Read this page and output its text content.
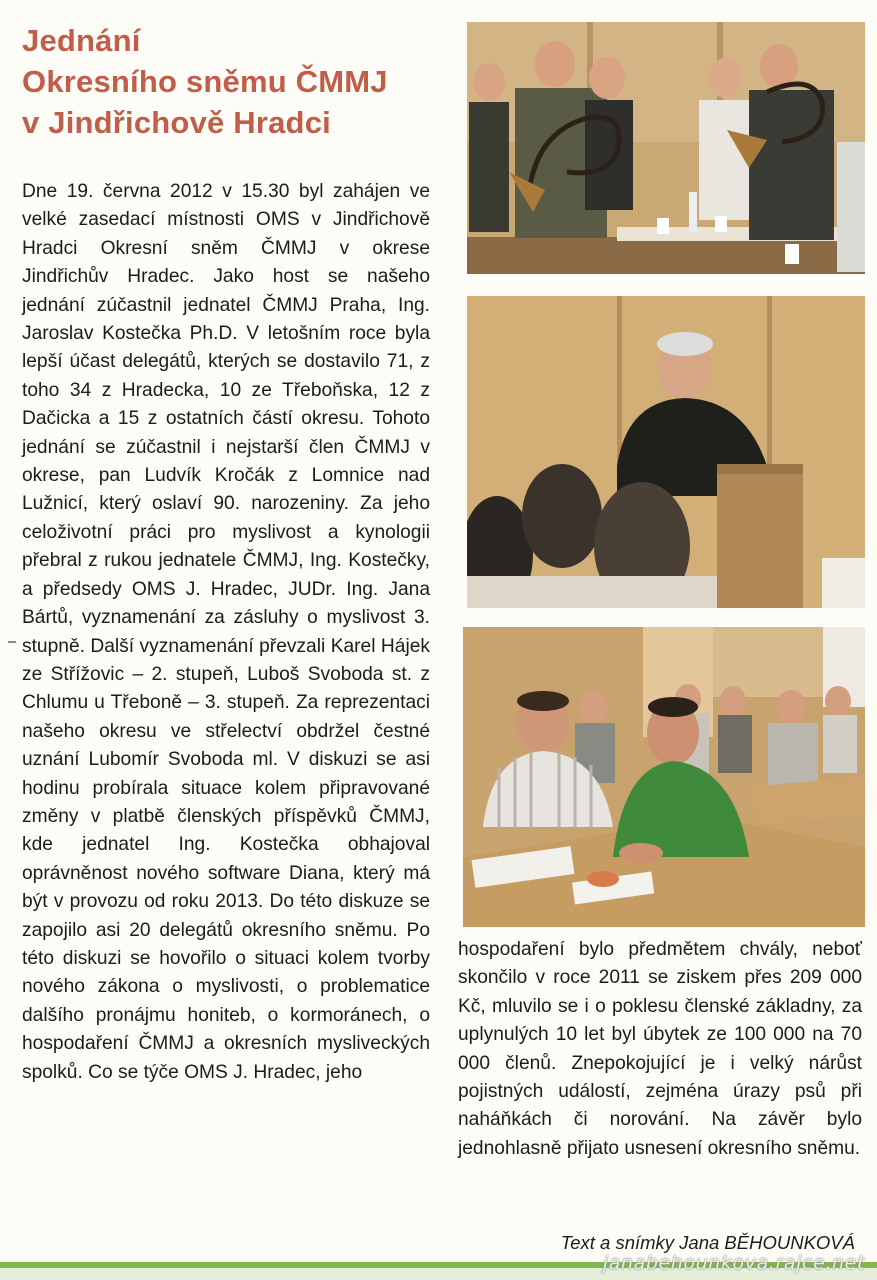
Jednání
Okresního sněmu ČMMJ
v Jindřichově Hradci

Dne 19. června 2012 v 15.30 byl zahájen ve velké zasedací místnosti OMS v Jindřichově Hradci Okresní sněm ČMMJ v okrese Jindřichův Hradec. Jako host se našeho jednání zúčastnil jednatel ČMMJ Praha, Ing. Jaroslav Kostečka Ph.D. V letošním roce byla lepší účast delegátů, kterých se dostavilo 71, z toho 34 z Hradecka, 10 ze Třeboňska, 12 z Dačicka a 15 z ostatních částí okresu. Tohoto jednání se zúčastnil i nejstarší člen ČMMJ v okrese, pan Ludvík Kročák z Lomnice nad Lužnicí, který oslaví 90. narozeniny. Za jeho celoživotní práci pro myslivost a kynologii přebral z rukou jednatele ČMMJ, Ing. Kostečky, a předsedy OMS J. Hradec, JUDr. Ing. Jana Bártů, vyznamenání za zásluhy o myslivost 3. stupně. Další vyznamenání převzali Karel Hájek ze Střížovic – 2. stupeň, Luboš Svoboda st. z Chlumu u Třeboně – 3. stupeň. Za reprezentaci našeho okresu ve střelectví obdržel čestné uznání Lubomír Svoboda ml. V diskuzi se asi hodinu probírala situace kolem připravované změny v platbě členských příspěvků ČMMJ, kde jednatel Ing. Kostečka obhajoval oprávněnost nového software Diana, který má být v provozu od roku 2013. Do této diskuze se zapojilo asi 20 delegátů okresního sněmu. Po této diskuzi se hovořilo o situaci kolem tvorby nového zákona o myslivosti, o problematice dalšího pronájmu honiteb, o kormoránech, o hospodaření ČMMJ a okresních mysliveckých spolků. Co se týče OMS J. Hradec, jeho

hospodaření bylo předmětem chvály, neboť skončilo v roce 2011 se ziskem přes 209 000 Kč, mluvilo se i o poklesu členské základny, za uplynulých 10 let byl úbytek ze 100 000 na 70 000 členů. Znepokojující je i velký nárůst pojistných událostí, zejména úrazy psů při naháňkách či norování. Na závěr bylo jednohlasně přijato usnesení okresního sněmu.

Text a snímky Jana BĚHOUNKOVÁ

janabehounkova.rajce.net
